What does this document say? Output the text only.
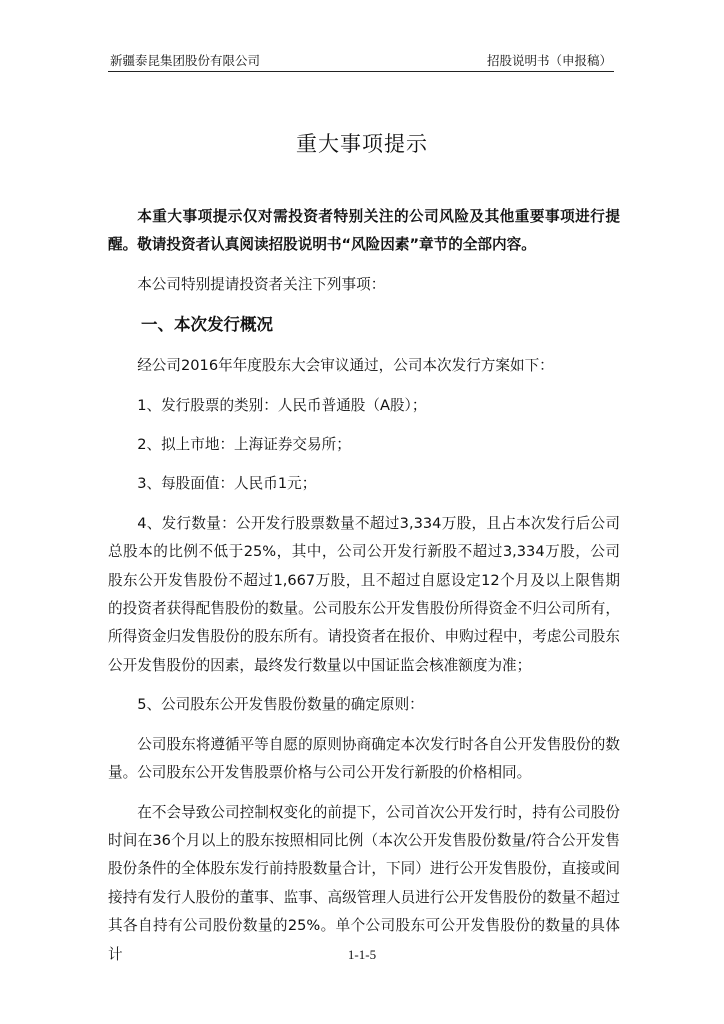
新疆泰昆集团股份有限公司	招股说明书（申报稿）
重大事项提示

本重大事项提示仅对需投资者特别关注的公司风险及其他重要事项进行提醒。敬请投资者认真阅读招股说明书“风险因素”章节的全部内容。

本公司特别提请投资者关注下列事项：

一、本次发行概况

经公司2016年年度股东大会审议通过，公司本次发行方案如下：

1、发行股票的类别：人民币普通股（A股）；

2、拟上市地：上海证券交易所；

3、每股面值：人民币1元；

4、发行数量：公开发行股票数量不超过3,334万股，且占本次发行后公司总股本的比例不低于25%，其中，公司公开发行新股不超过3,334万股，公司股东公开发售股份不超过1,667万股，且不超过自愿设定12个月及以上限售期的投资者获得配售股份的数量。公司股东公开发售股份所得资金不归公司所有，所得资金归发售股份的股东所有。请投资者在报价、申购过程中，考虑公司股东公开发售股份的因素，最终发行数量以中国证监会核准额度为准；

5、公司股东公开发售股份数量的确定原则：

公司股东将遵循平等自愿的原则协商确定本次发行时各自公开发售股份的数量。公司股东公开发售股票价格与公司公开发行新股的价格相同。

在不会导致公司控制权变化的前提下，公司首次公开发行时，持有公司股份时间在36个月以上的股东按照相同比例（本次公开发售股份数量/符合公开发售股份条件的全体股东发行前持股数量合计，下同）进行公开发售股份，直接或间接持有发行人股份的董事、监事、高级管理人员进行公开发售股份的数量不超过其各自持有公司股份数量的25%。单个公司股东可公开发售股份的数量的具体计	1-1-5
